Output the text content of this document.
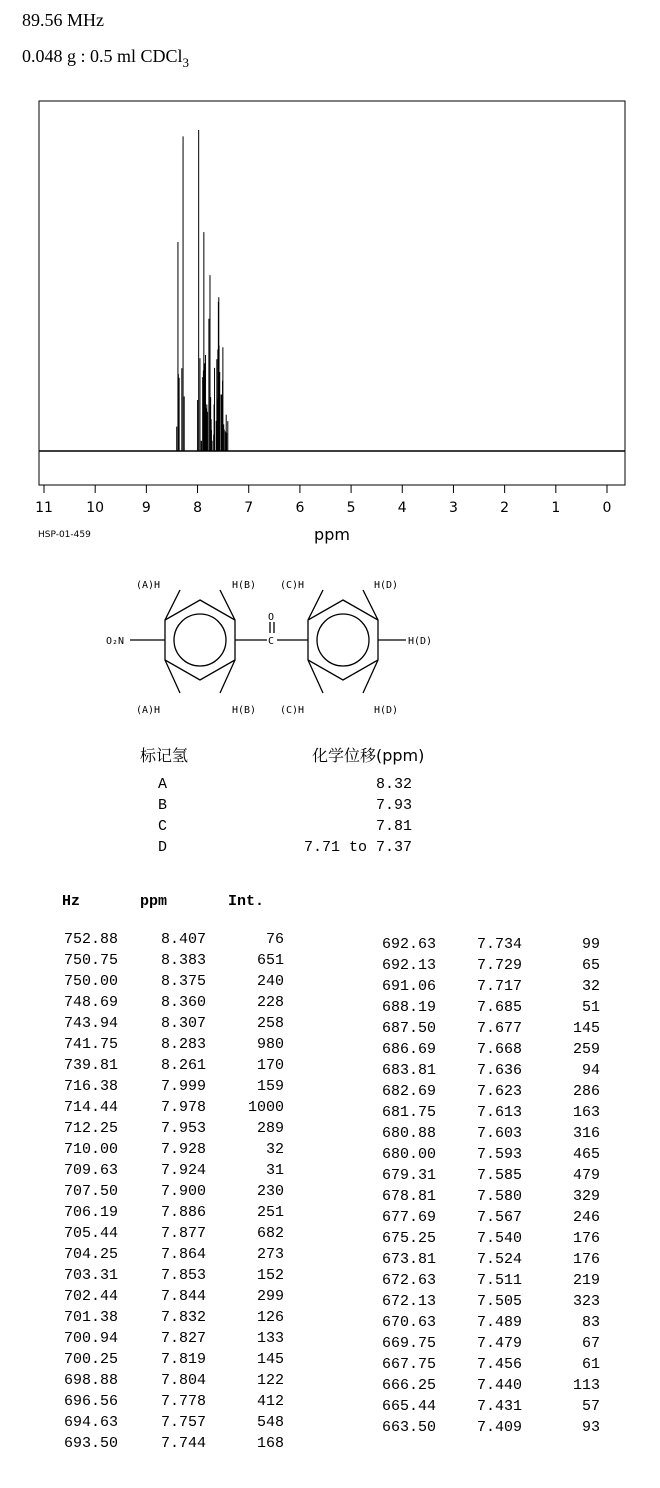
89.56 MHz
0.048 g : 0.5 ml CDCl$_3$
11 10	9	8	7	6	5	4	3	2	1	0
ppm
HSP-01-459
(A)H	H(B) (C)H	H(D)
(A)H	H(B) (C)H	H(D)
H(D)
O
C
O₂N
标记氢	化学位移(ppm)
A	8.32
B	7.93
C	7.81
D	7.71 to 7.37
Hz	ppm	Int.
752.88	8.407	76
750.75	8.383	651
750.00	8.375	240
748.69	8.360	228
743.94	8.307	258
741.75	8.283	980
739.81	8.261	170
716.38	7.999	159
714.44	7.978	1000
712.25	7.953	289
710.00	7.928	32
709.63	7.924	31
707.50	7.900	230
706.19	7.886	251
705.44	7.877	682
704.25	7.864	273
703.31	7.853	152
702.44	7.844	299
701.38	7.832	126
700.94	7.827	133
700.25	7.819	145
698.88	7.804	122
696.56	7.778	412
694.63	7.757	548
693.50	7.744	168
692.63	7.734	99
692.13	7.729	65
691.06	7.717	32
688.19	7.685	51
687.50	7.677	145
686.69	7.668	259
683.81	7.636	94
682.69	7.623	286
681.75	7.613	163
680.88	7.603	316
680.00	7.593	465
679.31	7.585	479
678.81	7.580	329
677.69	7.567	246
675.25	7.540	176
673.81	7.524	176
672.63	7.511	219
672.13	7.505	323
670.63	7.489	83
669.75	7.479	67
667.75	7.456	61
666.25	7.440	113
665.44	7.431	57
663.50	7.409	93
